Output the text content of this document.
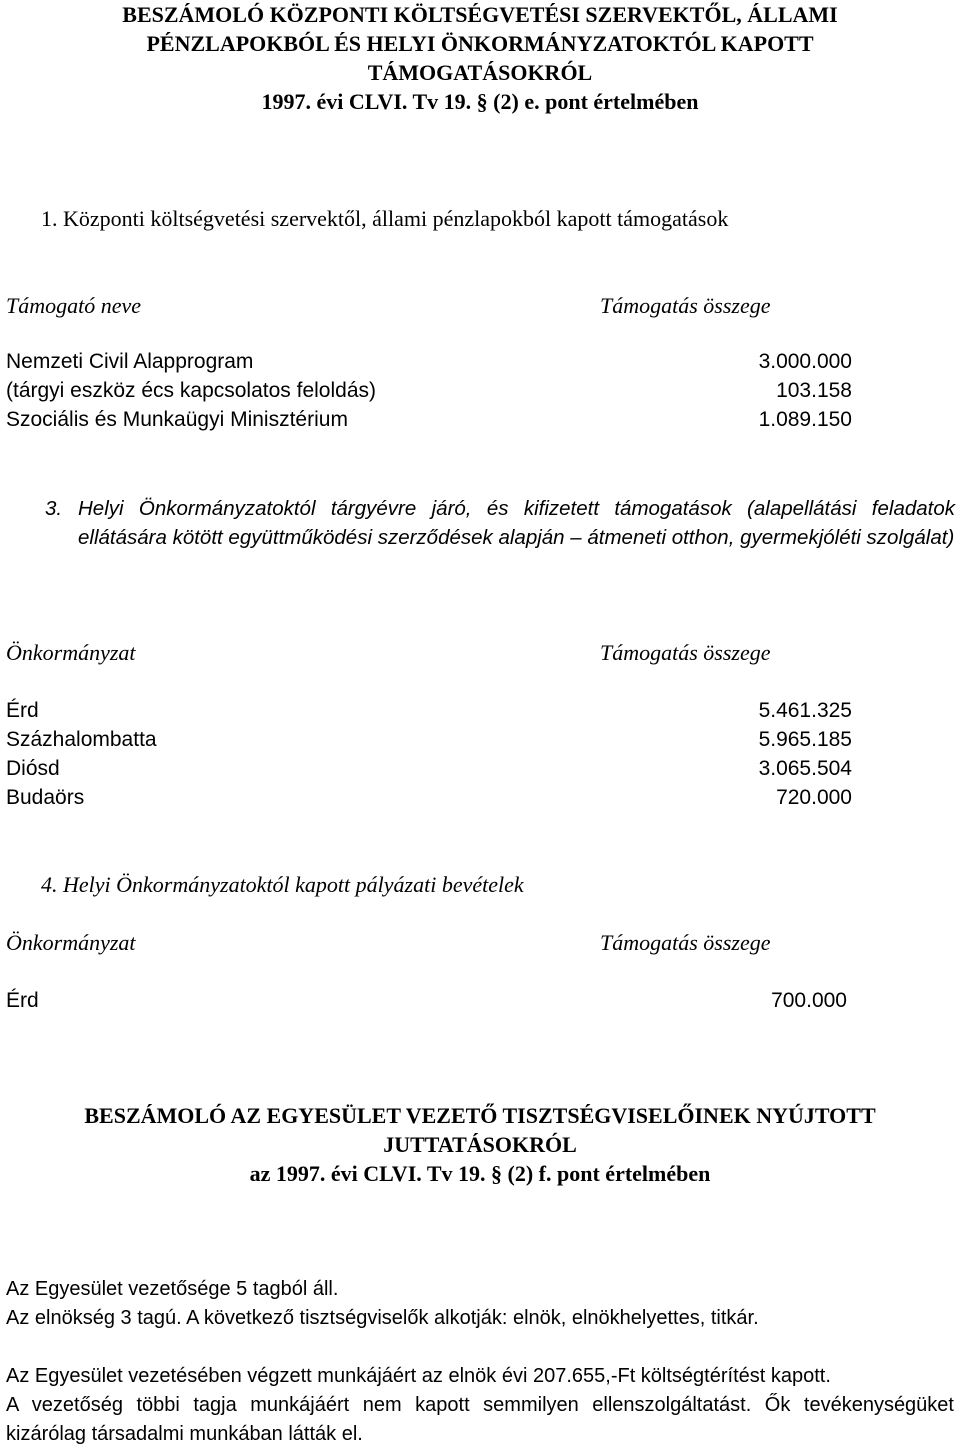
BESZÁMOLÓ KÖZPONTI KÖLTSÉGVETÉSI SZERVEKTŐL, ÁLLAMI
PÉNZLAPOKBÓL ÉS HELYI ÖNKORMÁNYZATOKTÓL KAPOTT
TÁMOGATÁSOKRÓL
1997. évi CLVI. Tv 19. § (2) e. pont értelmében
1. Központi költségvetési szervektől, állami pénzlapokból kapott támogatások
Támogató neve	Támogatás összege
Nemzeti Civil Alapprogram	3.000.000
(tárgyi eszköz écs kapcsolatos feloldás)	103.158
Szociális és Munkaügyi Minisztérium	1.089.150
3. Helyi Önkormányzatoktól tárgyévre járó, és kifizetett támogatások (alapellátási feladatok ellátására kötött együttműködési szerződések alapján – átmeneti otthon, gyermekjóléti szolgálat)
Önkormányzat	Támogatás összege
Érd	5.461.325
Százhalombatta	5.965.185
Diósd	3.065.504
Budaörs	720.000
4. Helyi Önkormányzatoktól kapott pályázati bevételek
Önkormányzat	Támogatás összege
Érd	700.000
BESZÁMOLÓ AZ EGYESÜLET VEZETŐ TISZTSÉGVISELŐINEK NYÚJTOTT
JUTTATÁSOKRÓL
az 1997. évi CLVI. Tv 19. § (2) f. pont értelmében
Az Egyesület vezetősége 5 tagból áll.
Az elnökség 3 tagú. A következő tisztségviselők alkotják: elnök, elnökhelyettes, titkár.
Az Egyesület vezetésében végzett munkájáért az elnök évi 207.655,-Ft költségtérítést kapott.
A vezetőség többi tagja munkájáért nem kapott semmilyen ellenszolgáltatást. Ők tevékenységüket kizárólag társadalmi munkában látták el.
